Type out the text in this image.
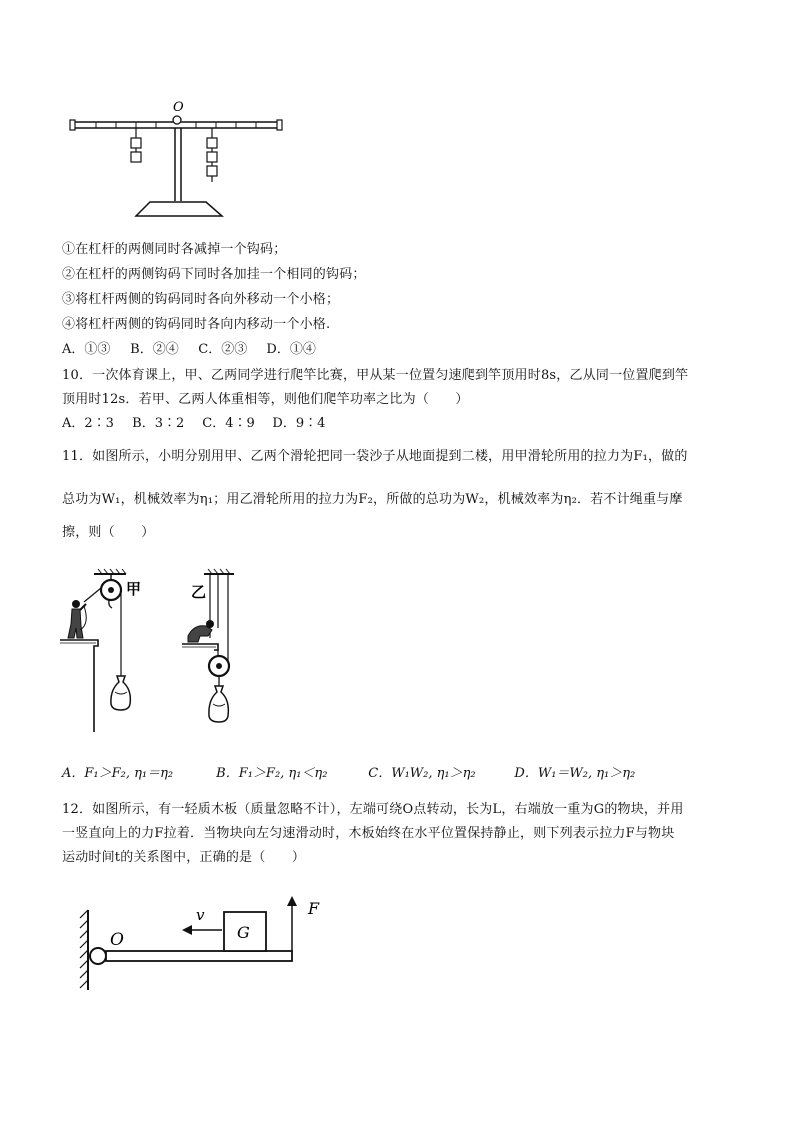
O
①在杠杆的两侧同时各减掉一个钩码；
②在杠杆的两侧钩码下同时各加挂一个相同的钩码；
③将杠杆两侧的钩码同时各向外移动一个小格；
④将杠杆两侧的钩码同时各向内移动一个小格.
A．①③ B．②④ C．②③ D．①④
10．一次体育课上，甲、乙两同学进行爬竿比赛，甲从某一位置匀速爬到竿顶用时8s，乙从同一位置爬到竿
顶用时12s．若甲、乙两人体重相等，则他们爬竿功率之比为（　　）
A．2∶3 B．3∶2 C．4∶9 D．9∶4
11．如图所示，小明分别用甲、乙两个滑轮把同一袋沙子从地面提到二楼，用甲滑轮所用的拉力为F₁，做的
总功为W₁，机械效率为η₁；用乙滑轮所用的拉力为F₂，所做的总功为W₂，机械效率为η₂．若不计绳重与摩
擦，则（　　）
甲	乙
A．F₁＞F₂, η₁＝η₂	B．F₁＞F₂, η₁＜η₂	C．W₁W₂, η₁＞η₂	D．W₁＝W₂, η₁＞η₂
12．如图所示，有一轻质木板（质量忽略不计），左端可绕O点转动，长为L，右端放一重为G的物块，并用
一竖直向上的力F拉着．当物块向左匀速滑动时，木板始终在水平位置保持静止，则下列表示拉力F与物块
运动时间t的关系图中，正确的是（　　）
O	G
v	F
